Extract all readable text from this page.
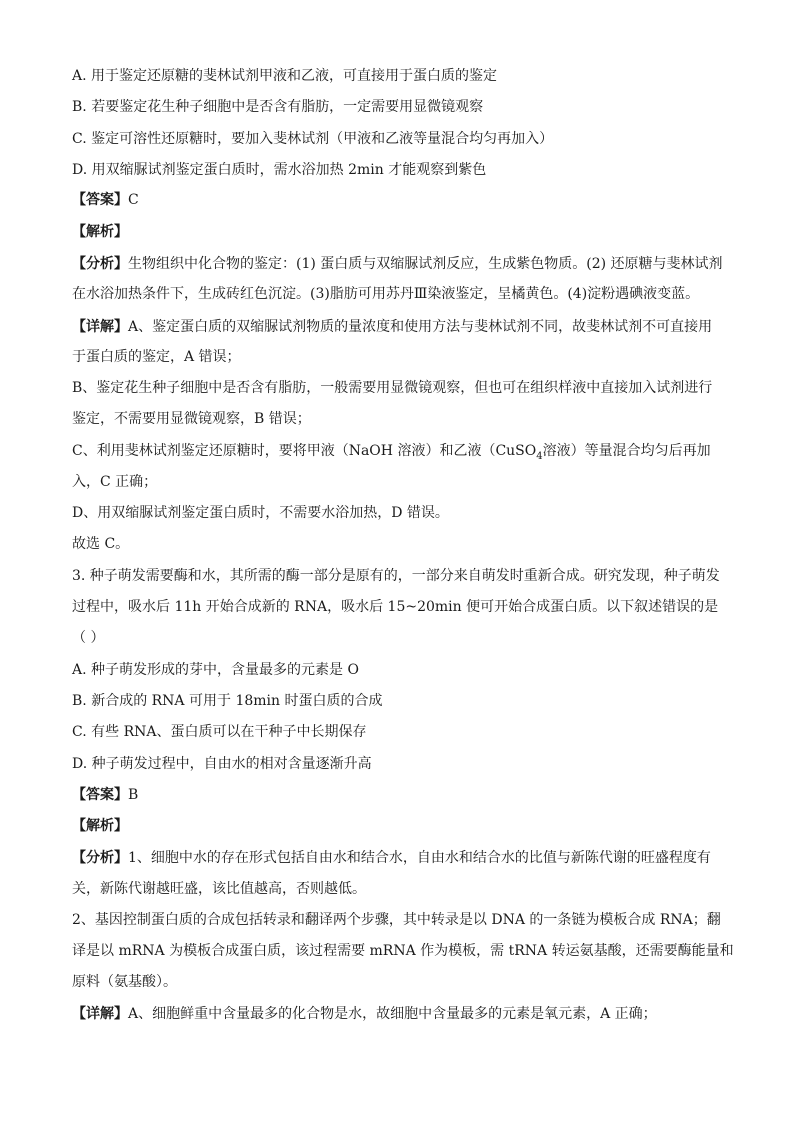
A. 用于鉴定还原糖的斐林试剂甲液和乙液，可直接用于蛋白质的鉴定
B. 若要鉴定花生种子细胞中是否含有脂肪，一定需要用显微镜观察
C. 鉴定可溶性还原糖时，要加入斐林试剂（甲液和乙液等量混合均匀再加入）
D. 用双缩脲试剂鉴定蛋白质时，需水浴加热 2min 才能观察到紫色
【答案】C
【解析】
【分析】生物组织中化合物的鉴定：(1) 蛋白质与双缩脲试剂反应，生成紫色物质。(2) 还原糖与斐林试剂
在水浴加热条件下，生成砖红色沉淀。(3)脂肪可用苏丹Ⅲ染液鉴定，呈橘黄色。(4)淀粉遇碘液变蓝。
【详解】A、鉴定蛋白质的双缩脲试剂物质的量浓度和使用方法与斐林试剂不同，故斐林试剂不可直接用
于蛋白质的鉴定，A 错误；
B、鉴定花生种子细胞中是否含有脂肪，一般需要用显微镜观察，但也可在组织样液中直接加入试剂进行
鉴定，不需要用显微镜观察，B 错误；
C、利用斐林试剂鉴定还原糖时，要将甲液（NaOH 溶液）和乙液（CuSO$_4$溶液）等量混合均匀后再加
入，C 正确；
D、用双缩脲试剂鉴定蛋白质时，不需要水浴加热，D 错误。
故选 C。
3. 种子萌发需要酶和水，其所需的酶一部分是原有的，一部分来自萌发时重新合成。研究发现，种子萌发
过程中，吸水后 11h 开始合成新的 RNA，吸水后 15~20min 便可开始合成蛋白质。以下叙述错误的是
（ ）
A. 种子萌发形成的芽中，含量最多的元素是 O
B. 新合成的 RNA 可用于 18min 时蛋白质的合成
C. 有些 RNA、蛋白质可以在干种子中长期保存
D. 种子萌发过程中，自由水的相对含量逐渐升高
【答案】B
【解析】
【分析】1、细胞中水的存在形式包括自由水和结合水，自由水和结合水的比值与新陈代谢的旺盛程度有
关，新陈代谢越旺盛，该比值越高，否则越低。
2、基因控制蛋白质的合成包括转录和翻译两个步骤，其中转录是以 DNA 的一条链为模板合成 RNA；翻
译是以 mRNA 为模板合成蛋白质，该过程需要 mRNA 作为模板，需 tRNA 转运氨基酸，还需要酶能量和
原料（氨基酸）。
【详解】A、细胞鲜重中含量最多的化合物是水，故细胞中含量最多的元素是氧元素，A 正确；
